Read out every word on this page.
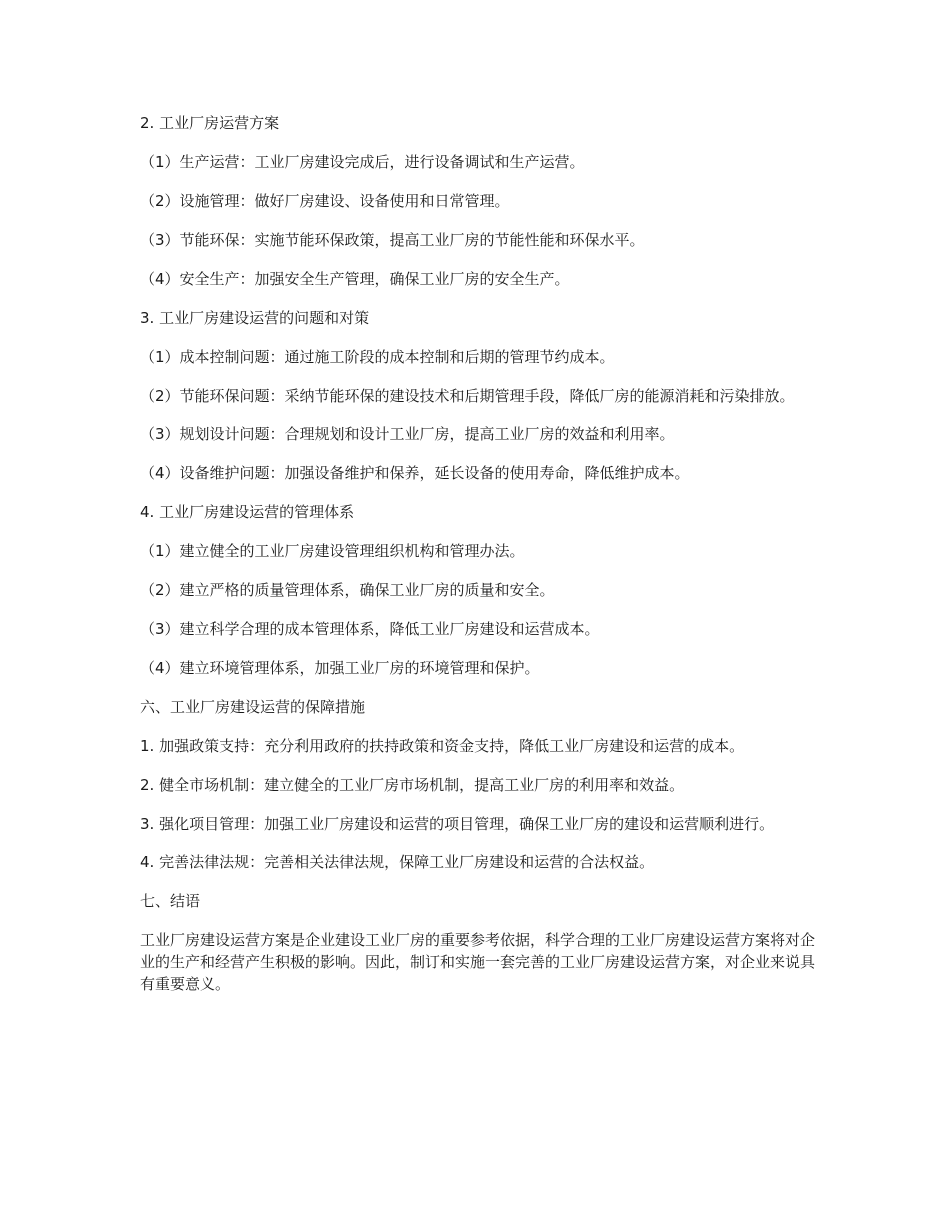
2. 工业厂房运营方案

（1）生产运营：工业厂房建设完成后，进行设备调试和生产运营。

（2）设施管理：做好厂房建设、设备使用和日常管理。

（3）节能环保：实施节能环保政策，提高工业厂房的节能性能和环保水平。

（4）安全生产：加强安全生产管理，确保工业厂房的安全生产。

3. 工业厂房建设运营的问题和对策

（1）成本控制问题：通过施工阶段的成本控制和后期的管理节约成本。

（2）节能环保问题：采纳节能环保的建设技术和后期管理手段，降低厂房的能源消耗和污染排放。

（3）规划设计问题：合理规划和设计工业厂房，提高工业厂房的效益和利用率。

（4）设备维护问题：加强设备维护和保养，延长设备的使用寿命，降低维护成本。

4. 工业厂房建设运营的管理体系

（1）建立健全的工业厂房建设管理组织机构和管理办法。

（2）建立严格的质量管理体系，确保工业厂房的质量和安全。

（3）建立科学合理的成本管理体系，降低工业厂房建设和运营成本。

（4）建立环境管理体系，加强工业厂房的环境管理和保护。

六、工业厂房建设运营的保障措施

1. 加强政策支持：充分利用政府的扶持政策和资金支持，降低工业厂房建设和运营的成本。

2. 健全市场机制：建立健全的工业厂房市场机制，提高工业厂房的利用率和效益。

3. 强化项目管理：加强工业厂房建设和运营的项目管理，确保工业厂房的建设和运营顺利进行。

4. 完善法律法规：完善相关法律法规，保障工业厂房建设和运营的合法权益。

七、结语

工业厂房建设运营方案是企业建设工业厂房的重要参考依据，科学合理的工业厂房建设运营方案将对企业的生产和经营产生积极的影响。因此，制订和实施一套完善的工业厂房建设运营方案，对企业来说具有重要意义。
